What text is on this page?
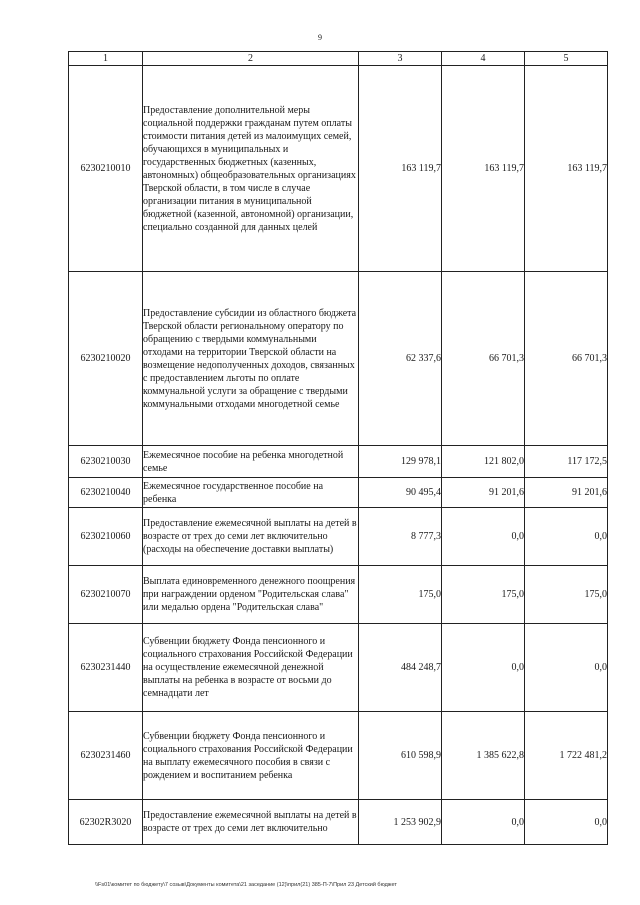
9
1	2	3	4	5
6230210010	Предоставление дополнительной меры социальной поддержки гражданам путем оплаты стоимости питания детей из малоимущих семей, обучающихся в муниципальных и государственных бюджетных (казенных, автономных) общеобразовательных организациях Тверской области, в том числе в случае организации питания в муниципальной бюджетной (казенной, автономной) организации, специально созданной для данных целей	163 119,7	163 119,7	163 119,7
6230210020	Предоставление субсидии из областного бюджета Тверской области региональному оператору по обращению с твердыми коммунальными отходами на территории Тверской области на возмещение недополученных доходов, связанных с предоставлением льготы по оплате коммунальной услуги за обращение с твердыми коммунальными отходами многодетной семье	62 337,6	66 701,3	66 701,3
6230210030	Ежемесячное пособие на ребенка многодетной семье	129 978,1	121 802,0	117 172,5
6230210040	Ежемесячное государственное пособие на ребенка	90 495,4	91 201,6	91 201,6
6230210060	Предоставление ежемесячной выплаты на детей в возрасте от трех до семи лет включительно (расходы на обеспечение доставки выплаты)	8 777,3	0,0	0,0
6230210070	Выплата единовременного денежного поощрения при награждении орденом "Родительская слава" или медалью ордена "Родительская слава"	175,0	175,0	175,0
6230231440	Субвенции бюджету Фонда пенсионного и социального страхования Российской Федерации на осуществление ежемесячной денежной выплаты на ребенка в возрасте от восьми до семнадцати лет	484 248,7	0,0	0,0
6230231460	Субвенции бюджету Фонда пенсионного и социального страхования Российской Федерации на выплату ежемесячного пособия в связи с рождением и воспитанием ребенка	610 598,9	1 385 622,8	1 722 481,2
62302R3020	Предоставление ежемесячной выплаты на детей в возрасте от трех до семи лет включительно	1 253 902,9	0,0	0,0
\\Fs01\комитет по бюджету\7 созыв\Документы комитета\21 заседание (12)\прил(21) 385-П-7\Прил 23 Детский бюджет
